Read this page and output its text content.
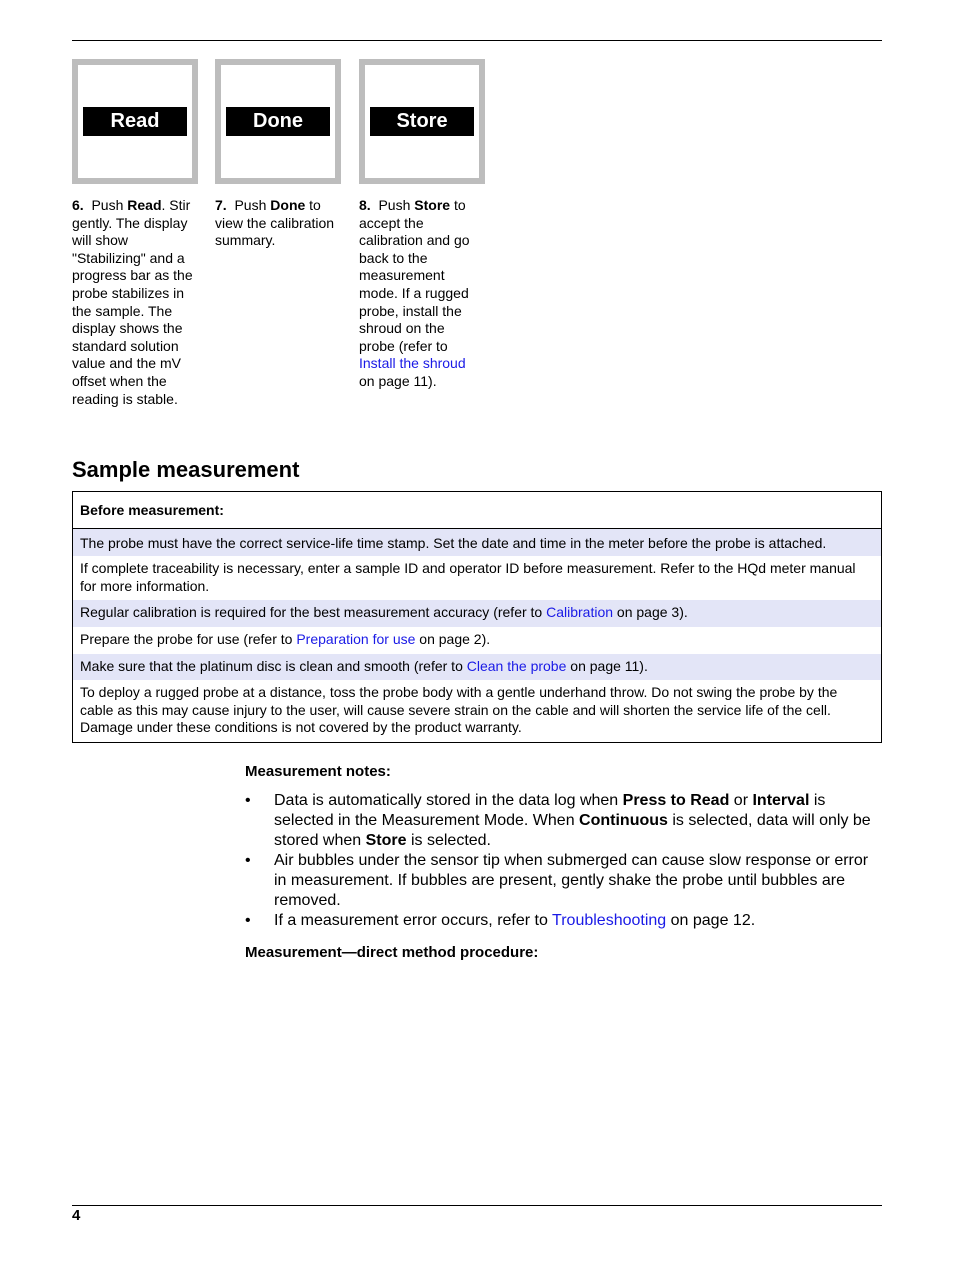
Read	Done	Store
6. Push Read. Stir gently. The display will show "Stabilizing" and a progress bar as the probe stabilizes in the sample. The display shows the standard solution value and the mV offset when the reading is stable.
7. Push Done to view the calibration summary.
8. Push Store to accept the calibration and go back to the measurement mode. If a rugged probe, install the shroud on the probe (refer to Install the shroud on page 11).
Sample measurement
Before measurement:
The probe must have the correct service-life time stamp. Set the date and time in the meter before the probe is attached.
If complete traceability is necessary, enter a sample ID and operator ID before measurement. Refer to the HQd meter manual for more information.
Regular calibration is required for the best measurement accuracy (refer to Calibration on page 3).
Prepare the probe for use (refer to Preparation for use on page 2).
Make sure that the platinum disc is clean and smooth (refer to Clean the probe on page 11).
To deploy a rugged probe at a distance, toss the probe body with a gentle underhand throw. Do not swing the probe by the cable as this may cause injury to the user, will cause severe strain on the cable and will shorten the service life of the cell. Damage under these conditions is not covered by the product warranty.
Measurement notes:
• Data is automatically stored in the data log when Press to Read or Interval is selected in the Measurement Mode. When Continuous is selected, data will only be stored when Store is selected.
• Air bubbles under the sensor tip when submerged can cause slow response or error in measurement. If bubbles are present, gently shake the probe until bubbles are removed.
• If a measurement error occurs, refer to Troubleshooting on page 12.
Measurement—direct method procedure:
4
